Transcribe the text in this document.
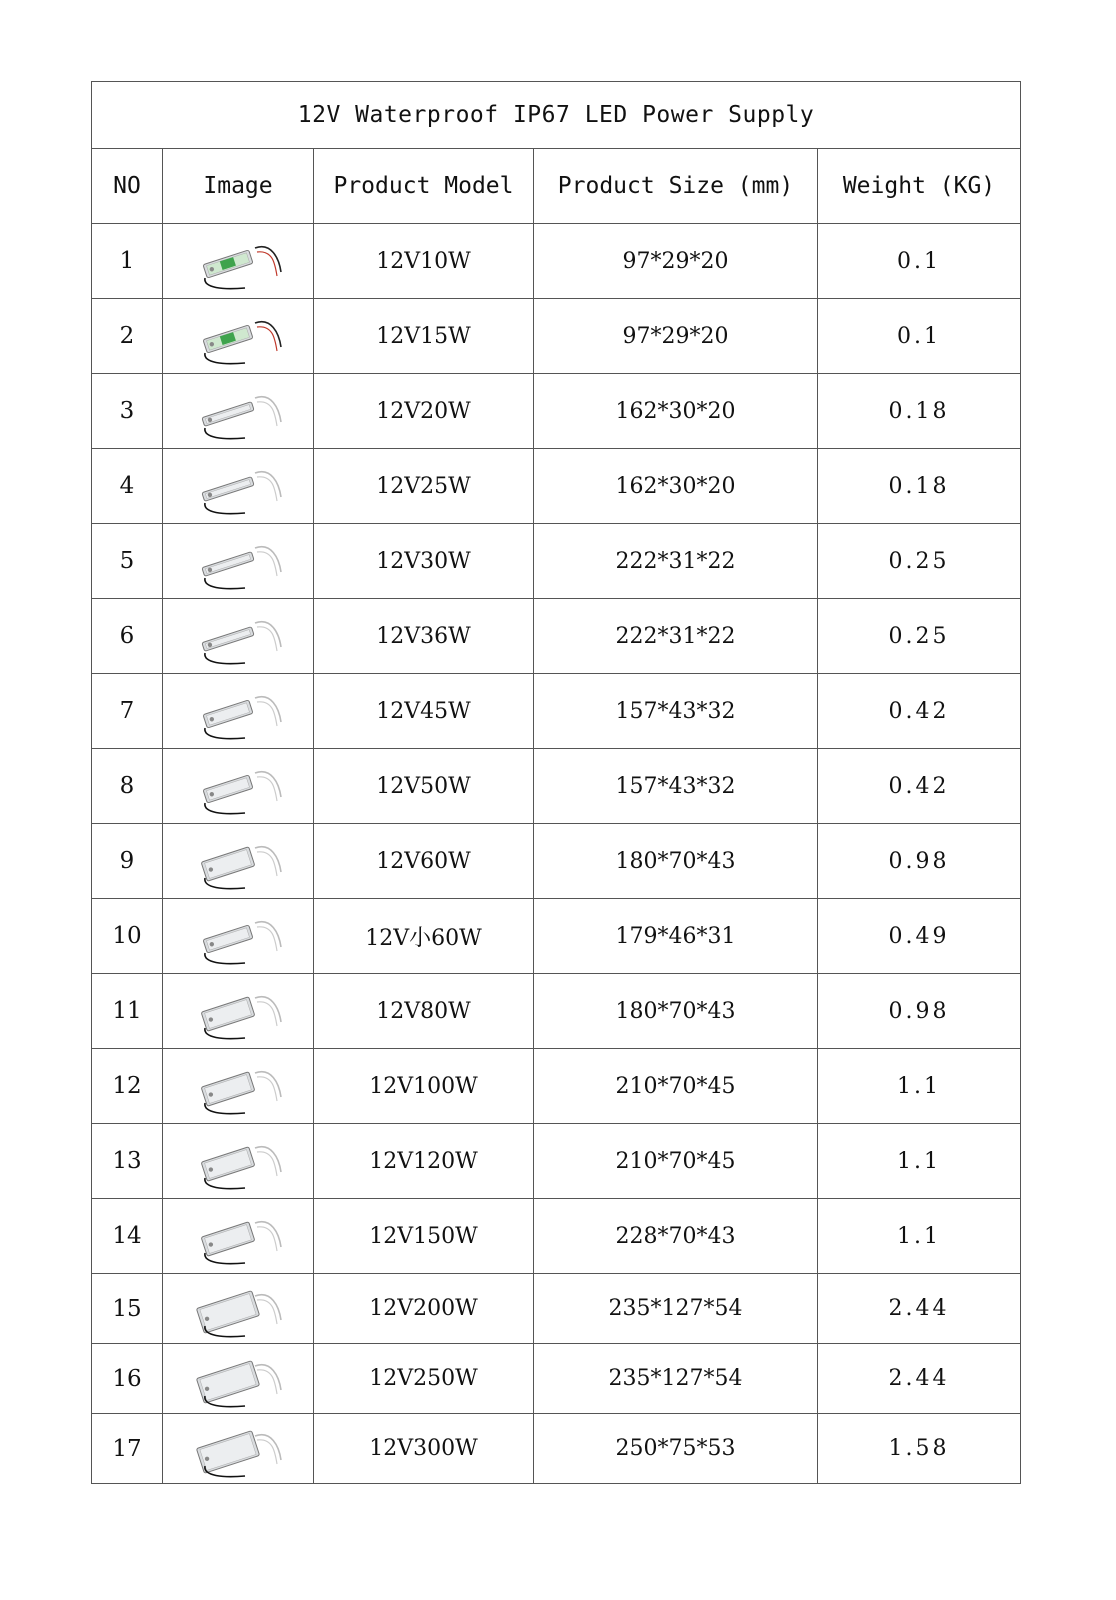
12V Waterproof IP67 LED Power Supply				
NO	Image	Product Model	Product Size (mm)	Weight (KG)
1		12V10W	97*29*20	0.1
2		12V15W	97*29*20	0.1
3		12V20W	162*30*20	0.18
4		12V25W	162*30*20	0.18
5		12V30W	222*31*22	0.25
6		12V36W	222*31*22	0.25
7		12V45W	157*43*32	0.42
8		12V50W	157*43*32	0.42
9		12V60W	180*70*43	0.98
10		12V小60W	179*46*31	0.49
11		12V80W	180*70*43	0.98
12		12V100W	210*70*45	1.1
13		12V120W	210*70*45	1.1
14		12V150W	228*70*43	1.1
15		12V200W	235*127*54	2.44
16		12V250W	235*127*54	2.44
17		12V300W	250*75*53	1.58
